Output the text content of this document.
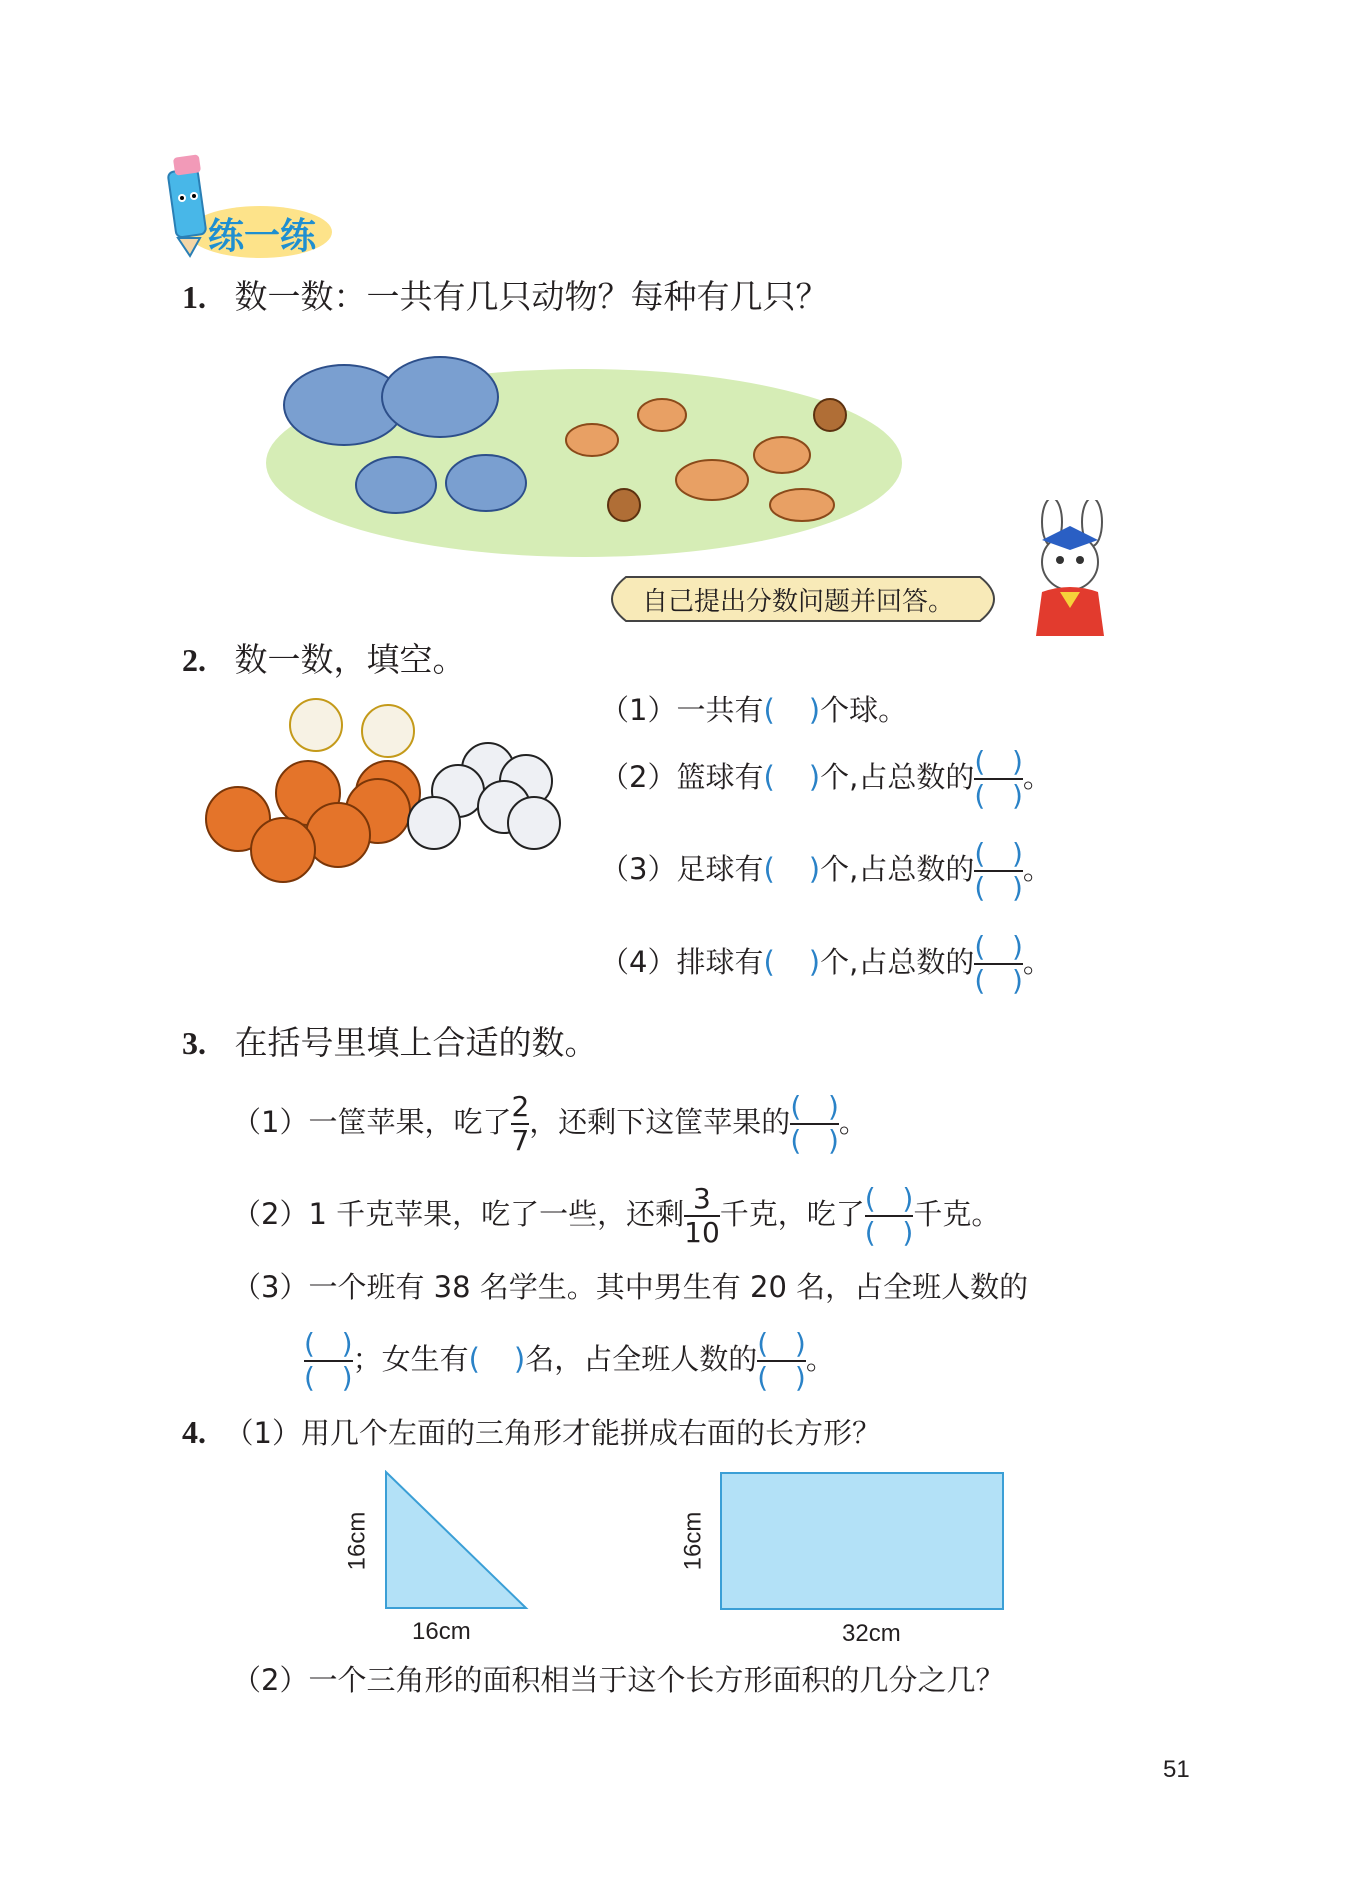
练一练
1. 数一数：一共有几只动物？每种有几只？
自己提出分数问题并回答。
2. 数一数，填空。
（1）一共有( )个球。
（2）篮球有( )个,占总数的 $\frac{( )}{( )}$ 。
（3）足球有( )个,占总数的 $\frac{( )}{( )}$ 。
（4）排球有( )个,占总数的 $\frac{( )}{( )}$ 。
3. 在括号里填上合适的数。
（1）一筐苹果，吃了 $\frac{2}{7}$ ，还剩下这筐苹果的 $\frac{( )}{( )}$ 。
（2）1 千克苹果，吃了一些，还剩 $\frac{3}{10}$ 千克，吃了 $\frac{( )}{( )}$ 千克。
（3）一个班有 38 名学生。其中男生有 20 名，占全班人数的
$\frac{( )}{( )}$ ；女生有( )名，占全班人数的 $\frac{( )}{( )}$ 。
4. （1）用几个左面的三角形才能拼成右面的长方形？
16cm
16cm
16cm
32cm
（2）一个三角形的面积相当于这个长方形面积的几分之几？
51
